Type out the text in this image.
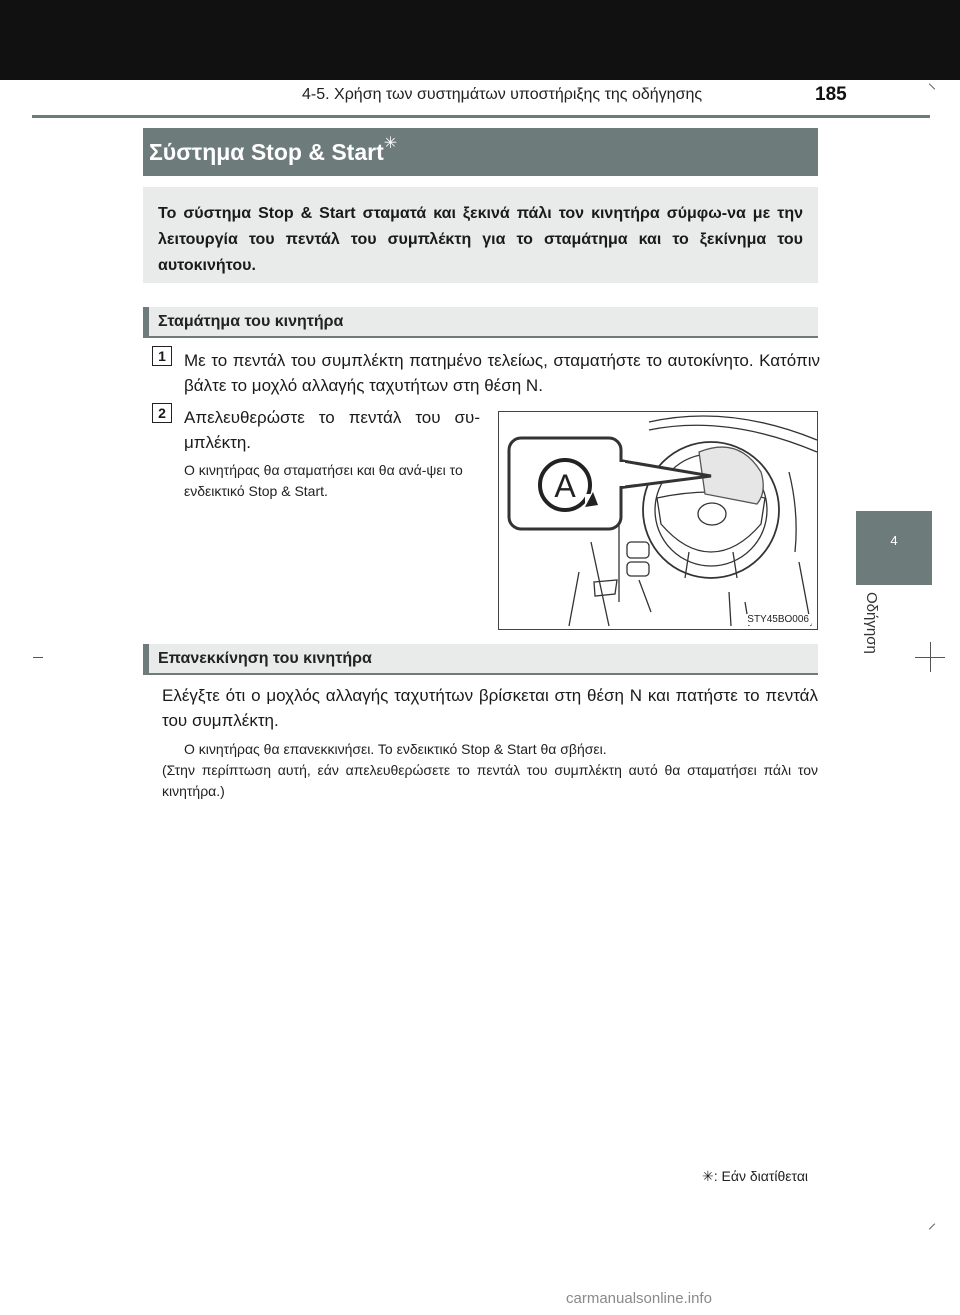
4-5. Χρήση των συστημάτων υποστήριξης της οδήγησης	185
4
Οδήγηση
Σύστημα Stop & Start ✳
Το σύστημα Stop & Start σταματά και ξεκινά πάλι τον κινητήρα σύμφω-να με την λειτουργία του πεντάλ του συμπλέκτη για το σταμάτημα και το ξεκίνημα του αυτοκινήτου.
Σταμάτημα του κινητήρα
1	Με το πεντάλ του συμπλέκτη πατημένο τελείως, σταματήστε το αυτοκίνητο. Κατόπιν βάλτε το μοχλό αλλαγής ταχυτήτων στη θέση N.
2	Απελευθερώστε το πεντάλ του συ-μπλέκτη.
Ο κινητήρας θα σταματήσει και θα ανά-ψει το ενδεικτικό Stop & Start.	A
STY45BO006
Επανεκκίνηση του κινητήρα
Ελέγξτε ότι ο μοχλός αλλαγής ταχυτήτων βρίσκεται στη θέση N και πατήστε το πεντάλ του συμπλέκτη.
Ο κινητήρας θα επανεκκινήσει. Το ενδεικτικό Stop & Start θα σβήσει.
(Στην περίπτωση αυτή, εάν απελευθερώσετε το πεντάλ του συμπλέκτη αυτό θα σταματήσει πάλι τον κινητήρα.)
✳: Εάν διατίθεται
carmanualsonline.info
